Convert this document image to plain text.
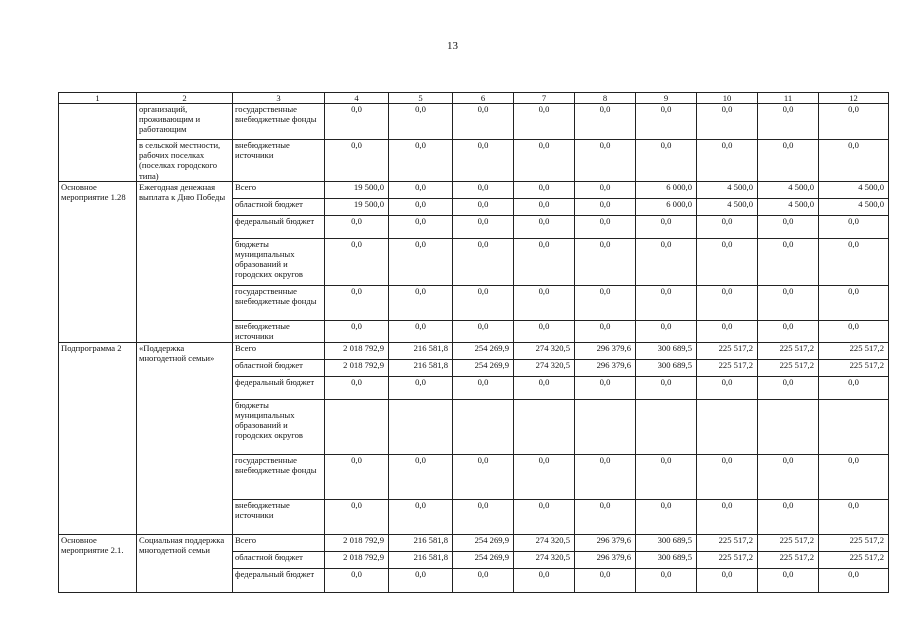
13
1	2	3	4	5	6	7	8	9	10	11	12
	организаций, проживающим и работающим	государственные внебюджетные фонды	0,0	0,0	0,0	0,0	0,0	0,0	0,0	0,0	0,0
	в сельской местности, рабочих поселках (поселках городского типа)	внебюджетные источники	0,0	0,0	0,0	0,0	0,0	0,0	0,0	0,0	0,0
Основное мероприятие 1.28	Ежегодная денежная выплата к Дню Победы	Всего	19 500,0	0,0	0,0	0,0	0,0	6 000,0	4 500,0	4 500,0	4 500,0
		областной бюджет	19 500,0	0,0	0,0	0,0	0,0	6 000,0	4 500,0	4 500,0	4 500,0
		федеральный бюджет	0,0	0,0	0,0	0,0	0,0	0,0	0,0	0,0	0,0
		бюджеты муниципальных образований и городских округов	0,0	0,0	0,0	0,0	0,0	0,0	0,0	0,0	0,0
		государственные внебюджетные фонды	0,0	0,0	0,0	0,0	0,0	0,0	0,0	0,0	0,0
		внебюджетные источники	0,0	0,0	0,0	0,0	0,0	0,0	0,0	0,0	0,0
Подпрограмма 2	«Поддержка многодетной семьи»	Всего	2 018 792,9	216 581,8	254 269,9	274 320,5	296 379,6	300 689,5	225 517,2	225 517,2	225 517,2
		областной бюджет	2 018 792,9	216 581,8	254 269,9	274 320,5	296 379,6	300 689,5	225 517,2	225 517,2	225 517,2
		федеральный бюджет	0,0	0,0	0,0	0,0	0,0	0,0	0,0	0,0	0,0
		бюджеты муниципальных образований и городских округов									
		государственные внебюджетные фонды	0,0	0,0	0,0	0,0	0,0	0,0	0,0	0,0	0,0
		внебюджетные источники	0,0	0,0	0,0	0,0	0,0	0,0	0,0	0,0	0,0
Основное мероприятие 2.1.	Социальная поддержка многодетной семьи	Всего	2 018 792,9	216 581,8	254 269,9	274 320,5	296 379,6	300 689,5	225 517,2	225 517,2	225 517,2
		областной бюджет	2 018 792,9	216 581,8	254 269,9	274 320,5	296 379,6	300 689,5	225 517,2	225 517,2	225 517,2
		федеральный бюджет	0,0	0,0	0,0	0,0	0,0	0,0	0,0	0,0	0,0
